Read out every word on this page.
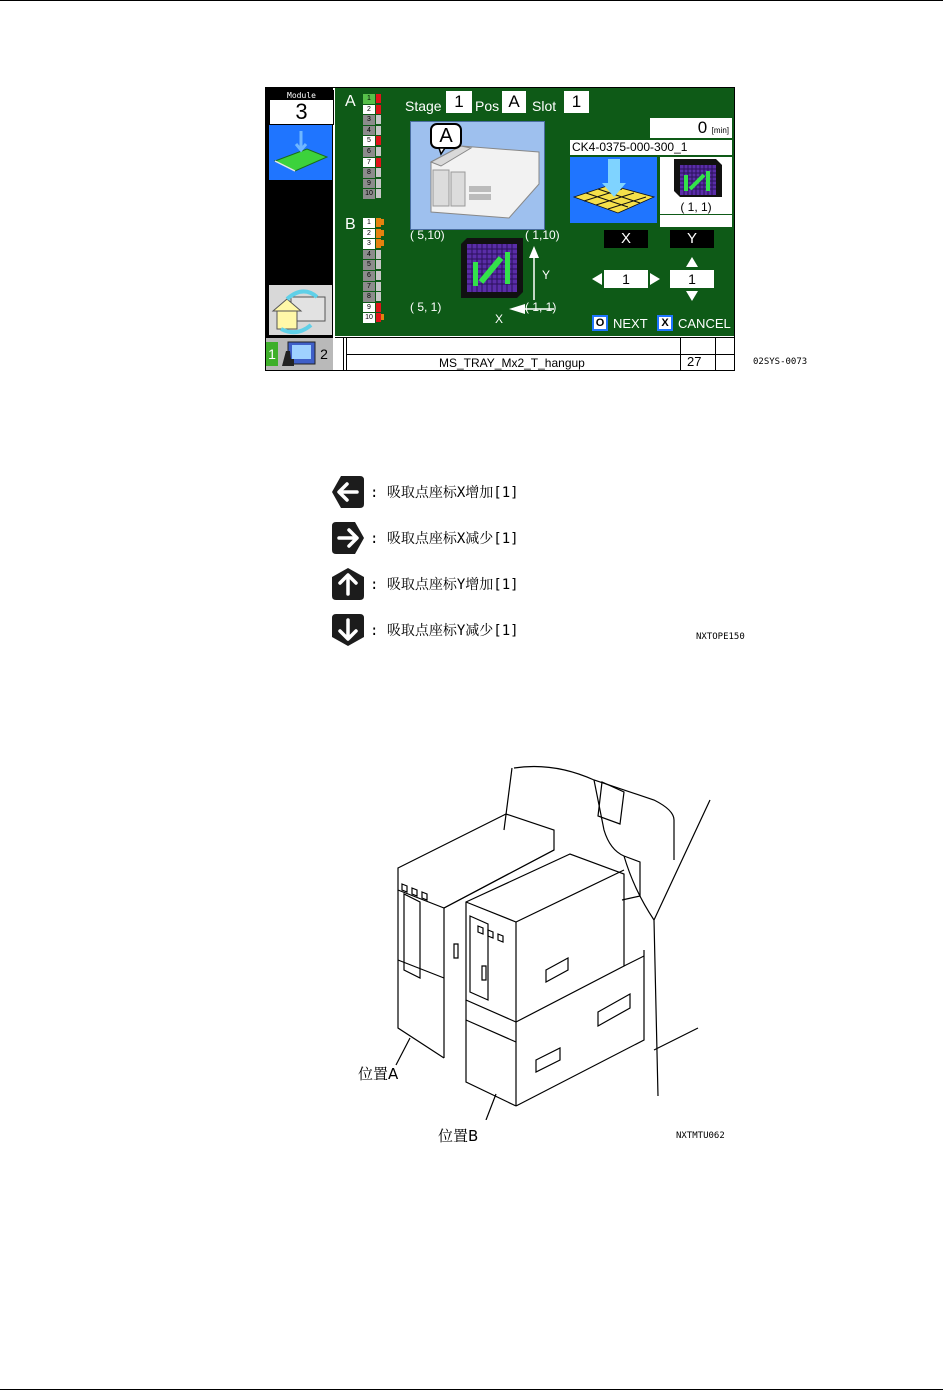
Module
3
1	2
A	1
2
3
4
5
6
7
8
9
10
B	1
2
3
4
5
6
7
8
9
10
Stage 1 Pos A Slot 1
A	0 [min]
CK4-0375-000-300_1
( 1, 1)
( 5,10)	( 1,10)
( 5, 1)	( 1, 1)
Y
X
X	Y
1	1
O NEXT	X CANCEL
MS_TRAY_Mx2_T_hangup	27	02SYS-0073
: 吸取点座标X增加[1]
: 吸取点座标X减少[1]
: 吸取点座标Y增加[1]
: 吸取点座标Y减少[1]	NXTOPE150
位置A
位置B	NXTMTU062
